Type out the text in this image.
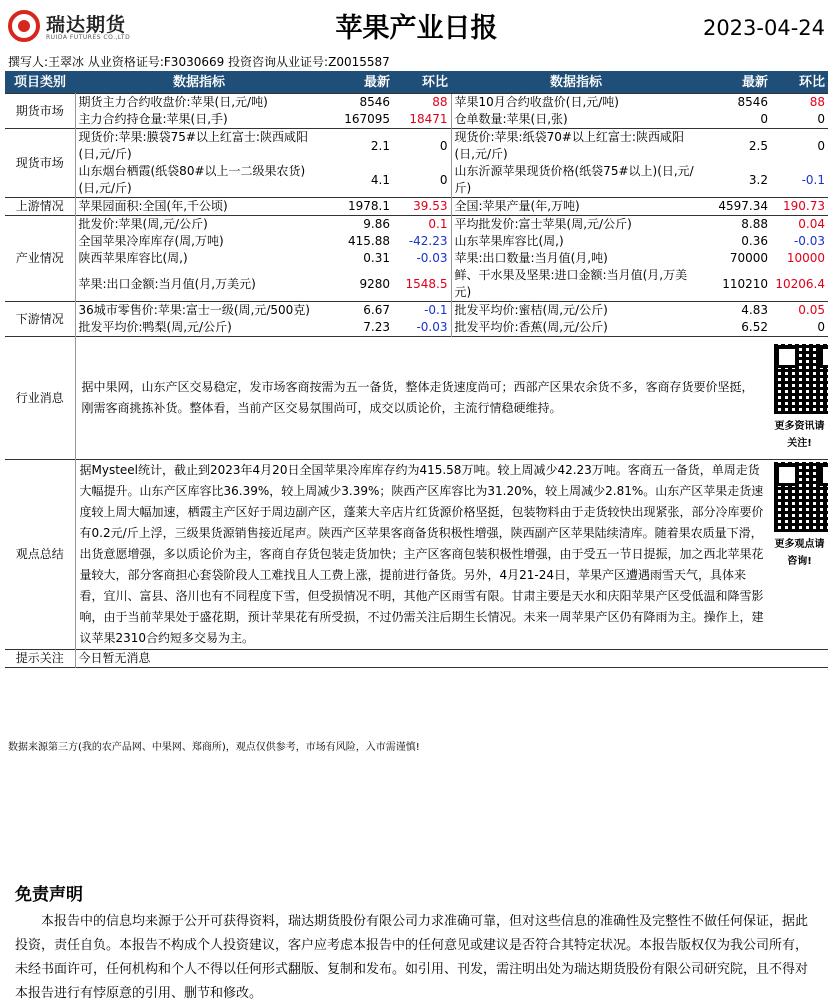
瑞达期货
RUIDA FUTURES CO.,LTD	苹果产业日报	2023-04-24
撰写人:王翠冰 从业资格证号:F3030669 投资咨询从业证号:Z0015587
项目类别	数据指标	最新	环比	数据指标	最新	环比
期货市场	期货主力合约收盘价:苹果(日,元/吨)	8546	88	苹果10月合约收盘价(日,元/吨)	8546	88
	主力合约持仓量:苹果(日,手)	167095	18471	仓单数量:苹果(日,张)	0	0
现货市场	现货价:苹果:膜袋75#以上红富士:陕西咸阳(日,元/斤)	2.1	0	现货价:苹果:纸袋70#以上红富士:陕西咸阳(日,元/斤)	2.5	0
	山东烟台栖霞(纸袋80#以上一二级果农货)(日,元/斤)	4.1	0	山东沂源苹果现货价格(纸袋75#以上)(日,元/斤)	3.2	-0.1
上游情况	苹果园面积:全国(年,千公顷)	1978.1	39.53	全国:苹果产量(年,万吨)	4597.34	190.73
产业情况	批发价:苹果(周,元/公斤)	9.86	0.1	平均批发价:富士苹果(周,元/公斤)	8.88	0.04
	全国苹果冷库库存(周,万吨)	415.88	-42.23	山东苹果库容比(周,)	0.36	-0.03
	陕西苹果库容比(周,)	0.31	-0.03	苹果:出口数量:当月值(月,吨)	70000	10000
	苹果:出口金额:当月值(月,万美元)	9280	1548.5	鲜、干水果及坚果:进口金额:当月值(月,万美元)	110210	10206.4
下游情况	36城市零售价:苹果:富士一级(周,元/500克)	6.67	-0.1	批发平均价:蜜桔(周,元/公斤)	4.83	0.05
	批发平均价:鸭梨(周,元/公斤)	7.23	-0.03	批发平均价:香蕉(周,元/公斤)	6.52	0
行业消息	据中果网，山东产区交易稳定，发市场客商按需为五一备货，整体走货速度尚可；西部产区果农余货不多，客商存货要价坚挺，刚需客商挑拣补货。整体看，当前产区交易氛围尚可，成交以质论价，主流行情稳硬维持。					更多资讯请关注!

观点总结	据Mysteel统计，截止到2023年4月20日全国苹果冷库库存约为415.58万吨。较上周减少42.23万吨。客商五一备货，单周走货大幅提升。山东产区库容比36.39%，较上周减少3.39%；陕西产区库容比为31.20%，较上周减少2.81%。山东产区苹果走货速度较上周大幅加速，栖霞主产区好于周边副产区，蓬莱大辛店片红货源价格坚挺，包装物料由于走货较快出现紧张，部分冷库要价有0.2元/斤上浮，三级果货源销售接近尾声。陕西产区苹果客商备货积极性增强，陕西副产区苹果陆续清库。随着果农质量下滑，出货意愿增强，多以质论价为主，客商自存货包装走货加快；主产区客商包装积极性增强，由于受五一节日提振，加之西北苹果花量较大，部分客商担心套袋阶段人工难找且人工费上涨，提前进行备货。另外，4月21-24日，苹果产区遭遇雨雪天气，具体来看，宜川、富县、洛川也有不同程度下雪，但受损情况不明，其他产区雨雪有限。甘肃主要是天水和庆阳苹果产区受低温和降雪影响，由于当前苹果处于盛花期，预计苹果花有所受损，不过仍需关注后期生长情况。未来一周苹果产区仍有降雨为主。操作上，建议苹果2310合约短多交易为主。					更多观点请咨询!

提示关注	今日暂无消息					
数据来源第三方(我的农产品网、中果网、郑商所)，观点仅供参考，市场有风险，入市需谨慎!
免责声明
本报告中的信息均来源于公开可获得资料，瑞达期货股份有限公司力求准确可靠，但对这些信息的准确性及完整性不做任何保证，据此投资，责任自负。本报告不构成个人投资建议，客户应考虑本报告中的任何意见或建议是否符合其特定状况。本报告版权仅为我公司所有，未经书面许可，任何机构和个人不得以任何形式翻版、复制和发布。如引用、刊发，需注明出处为瑞达期货股份有限公司研究院，且不得对本报告进行有悖原意的引用、删节和修改。
